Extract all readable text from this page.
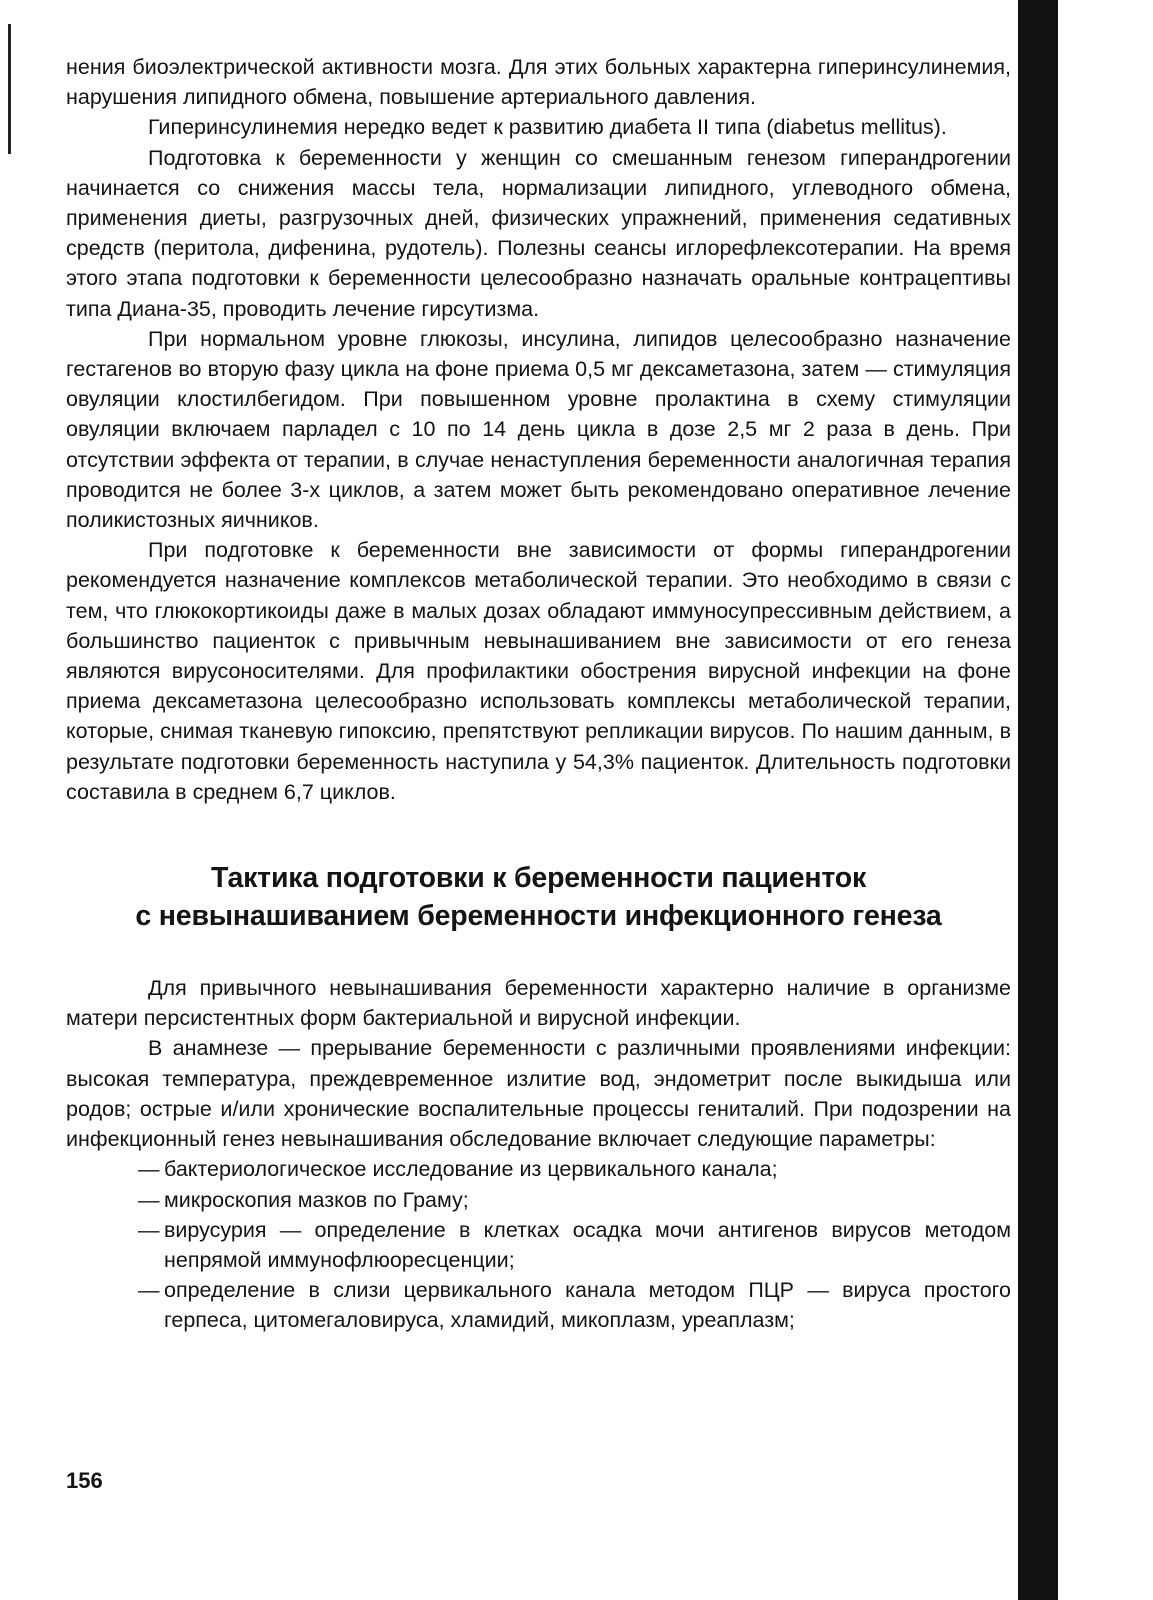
нения биоэлектрической активности мозга. Для этих больных характерна гиперинсулинемия, нарушения липидного обмена, повышение артериального давления.

Гиперинсулинемия нередко ведет к развитию диабета II типа (diabetus mellitus).

Подготовка к беременности у женщин со смешанным генезом гиперандрогении начинается со снижения массы тела, нормализации липидного, углеводного обмена, применения диеты, разгрузочных дней, физических упражнений, применения седативных средств (перитола, дифенина, рудотель). Полезны сеансы иглорефлексотерапии. На время этого этапа подготовки к беременности целесообразно назначать оральные контрацептивы типа Диана-35, проводить лечение гирсутизма.

При нормальном уровне глюкозы, инсулина, липидов целесообразно назначение гестагенов во вторую фазу цикла на фоне приема 0,5 мг дексаметазона, затем — стимуляция овуляции клостилбегидом. При повышенном уровне пролактина в схему стимуляции овуляции включаем парладел с 10 по 14 день цикла в дозе 2,5 мг 2 раза в день. При отсутствии эффекта от терапии, в случае ненаступления беременности аналогичная терапия проводится не более 3-х циклов, а затем может быть рекомендовано оперативное лечение поликистозных яичников.

При подготовке к беременности вне зависимости от формы гиперандрогении рекомендуется назначение комплексов метаболической терапии. Это необходимо в связи с тем, что глюкокортикоиды даже в малых дозах обладают иммуносупрессивным действием, а большинство пациенток с привычным невынашиванием вне зависимости от его генеза являются вирусоносителями. Для профилактики обострения вирусной инфекции на фоне приема дексаметазона целесообразно использовать комплексы метаболической терапии, которые, снимая тканевую гипоксию, препятствуют репликации вирусов. По нашим данным, в результате подготовки беременность наступила у 54,3% пациенток. Длительность подготовки составила в среднем 6,7 циклов.

Тактика подготовки к беременности пациенток
с невынашиванием беременности инфекционного генеза

Для привычного невынашивания беременности характерно наличие в организме матери персистентных форм бактериальной и вирусной инфекции.

В анамнезе — прерывание беременности с различными проявлениями инфекции: высокая температура, преждевременное излитие вод, эндометрит после выкидыша или родов; острые и/или хронические воспалительные процессы гениталий. При подозрении на инфекционный генез невынашивания обследование включает следующие параметры:

— бактериологическое исследование из цервикального канала;
— микроскопия мазков по Граму;
— вирусурия — определение в клетках осадка мочи антигенов вирусов методом непрямой иммунофлюоресценции;
— определение в слизи цервикального канала методом ПЦР — вируса простого герпеса, цитомегаловируса, хламидий, микоплазм, уреаплазм;
156
